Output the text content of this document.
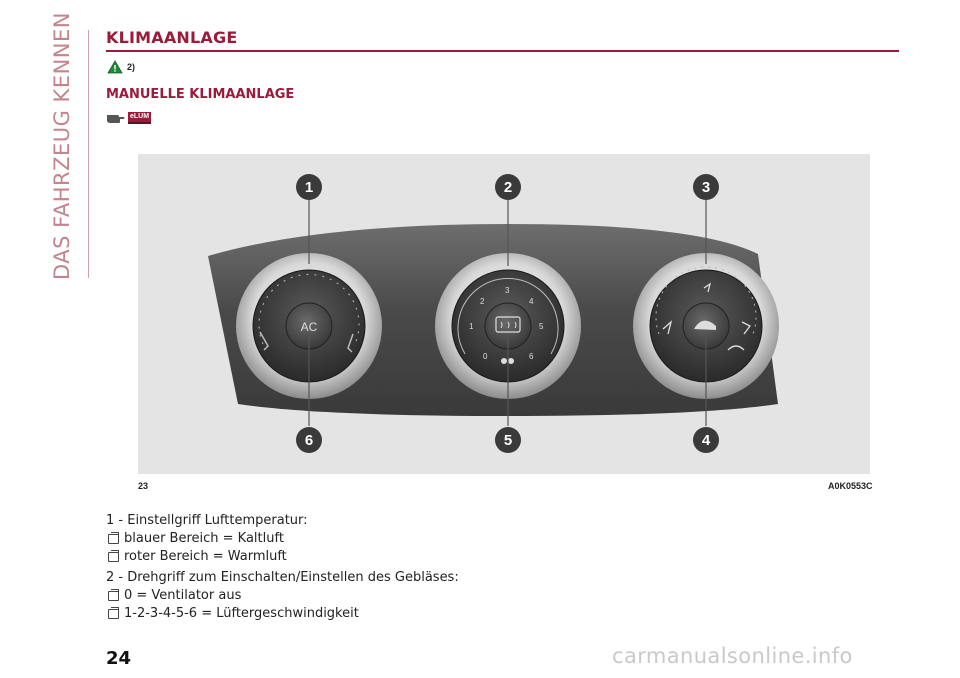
DAS FAHRZEUG KENNEN	KLIMAANLAGE
2)
MANUELLE KLIMAANLAGE
eLUM
AC
0
1
2
3
4
5
6
1	2	3
4
5
6
23	A0K0553C
1 - Einstellgriff Lufttemperatur:
blauer Bereich = Kaltluft
roter Bereich = Warmluft
2 - Drehgriff zum Einschalten/Einstellen des Gebläses:
0 = Ventilator aus
1-2-3-4-5-6 = Lüftergeschwindigkeit
24	carmanualsonline.info
